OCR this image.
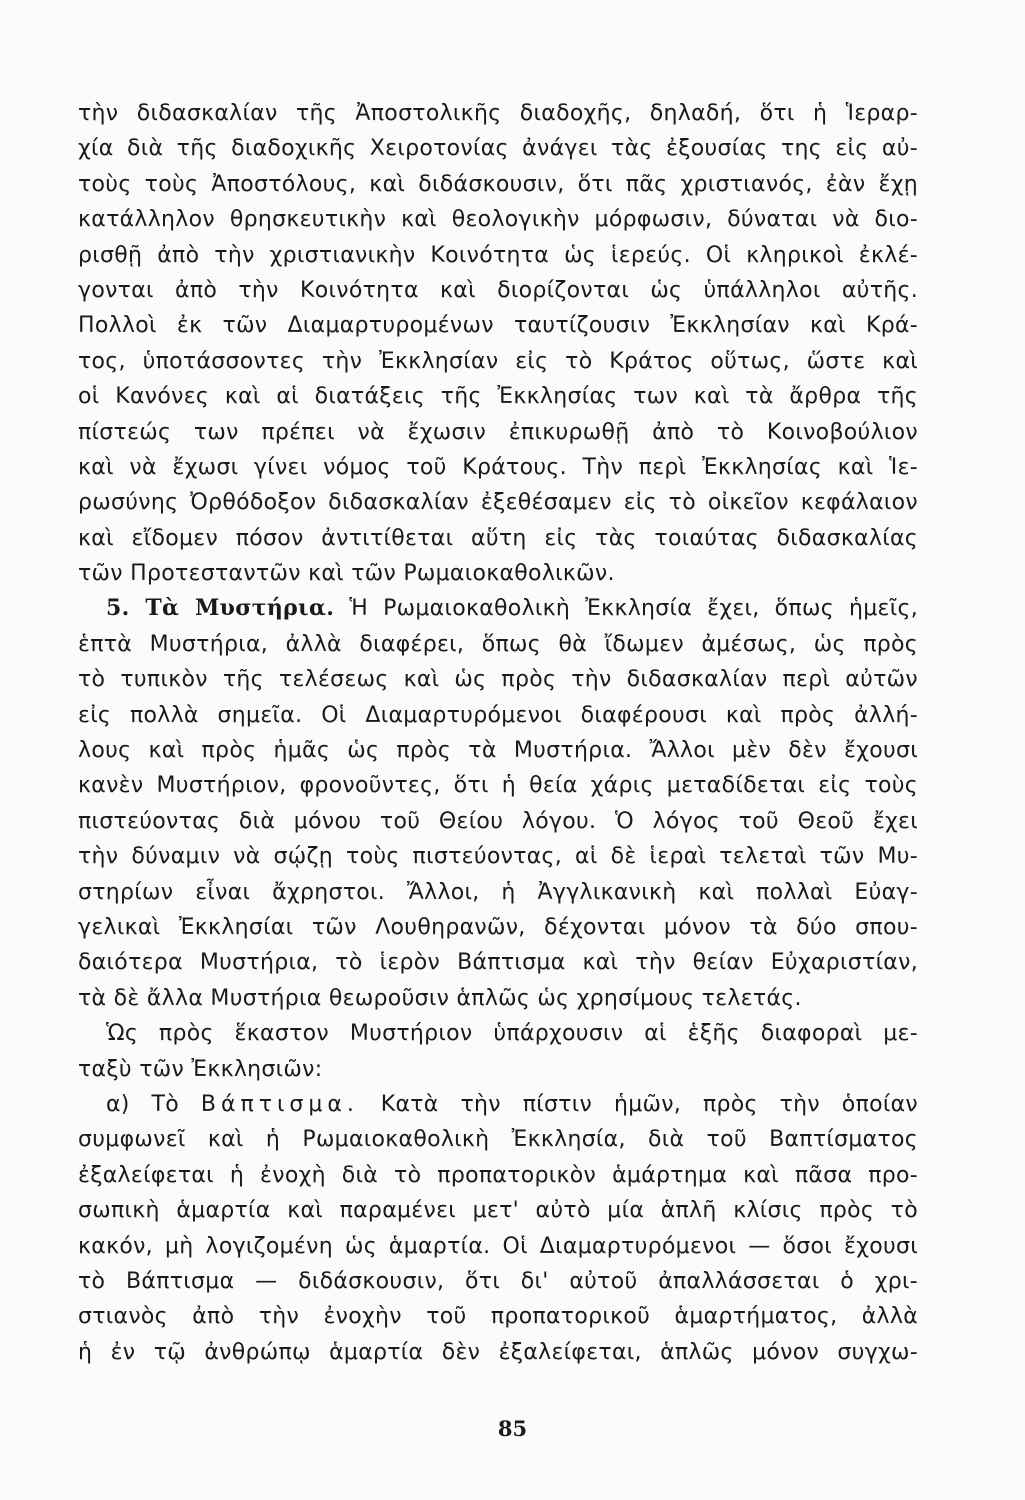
τὴν διδασκαλίαν τῆς Ἀποστολικῆς διαδοχῆς, δηλαδή, ὅτι ἡ Ἱεραρ-
χία διὰ τῆς διαδοχικῆς Χειροτονίας ἀνάγει τὰς ἐξουσίας της εἰς αὐ-
τοὺς τοὺς Ἀποστόλους, καὶ διδάσκουσιν, ὅτι πᾶς χριστιανός, ἐὰν ἔχῃ
κατάλληλον θρησκευτικὴν καὶ θεολογικὴν μόρφωσιν, δύναται νὰ διο-
ρισθῇ ἀπὸ τὴν χριστιανικὴν Κοινότητα ὡς ἱερεύς. Οἱ κληρικοὶ ἐκλέ-
γονται ἀπὸ τὴν Κοινότητα καὶ διορίζονται ὡς ὑπάλληλοι αὐτῆς.
Πολλοὶ ἐκ τῶν Διαμαρτυρομένων ταυτίζουσιν Ἐκκλησίαν καὶ Κρά-
τος, ὑποτάσσοντες τὴν Ἐκκλησίαν εἰς τὸ Κράτος οὕτως, ὥστε καὶ
οἱ Κανόνες καὶ αἱ διατάξεις τῆς Ἐκκλησίας των καὶ τὰ ἄρθρα τῆς
πίστεώς των πρέπει νὰ ἔχωσιν ἐπικυρωθῇ ἀπὸ τὸ Κοινοβούλιον
καὶ νὰ ἔχωσι γίνει νόμος τοῦ Κράτους. Τὴν περὶ Ἐκκλησίας καὶ Ἱε-
ρωσύνης Ὀρθόδοξον διδασκαλίαν ἐξεθέσαμεν εἰς τὸ οἰκεῖον κεφάλαιον
καὶ εἴδομεν πόσον ἀντιτίθεται αὕτη εἰς τὰς τοιαύτας διδασκαλίας
τῶν Προτεσταντῶν καὶ τῶν Ρωμαιοκαθολικῶν.
5. Τὰ Μυστήρια. Ἡ Ρωμαιοκαθολικὴ Ἐκκλησία ἔχει, ὅπως ἡμεῖς,
ἑπτὰ Μυστήρια, ἀλλὰ διαφέρει, ὅπως θὰ ἴδωμεν ἀμέσως, ὡς πρὸς
τὸ τυπικὸν τῆς τελέσεως καὶ ὡς πρὸς τὴν διδασκαλίαν περὶ αὐτῶν
εἰς πολλὰ σημεῖα. Οἱ Διαμαρτυρόμενοι διαφέρουσι καὶ πρὸς ἀλλή-
λους καὶ πρὸς ἡμᾶς ὡς πρὸς τὰ Μυστήρια. Ἄλλοι μὲν δὲν ἔχουσι
κανὲν Μυστήριον, φρονοῦντες, ὅτι ἡ θεία χάρις μεταδίδεται εἰς τοὺς
πιστεύοντας διὰ μόνου τοῦ Θείου λόγου. Ὁ λόγος τοῦ Θεοῦ ἔχει
τὴν δύναμιν νὰ σῴζῃ τοὺς πιστεύοντας, αἱ δὲ ἱεραὶ τελεταὶ τῶν Μυ-
στηρίων εἶναι ἄχρηστοι. Ἄλλοι, ἡ Ἀγγλικανικὴ καὶ πολλαὶ Εὐαγ-
γελικαὶ Ἐκκλησίαι τῶν Λουθηρανῶν, δέχονται μόνον τὰ δύο σπου-
δαιότερα Μυστήρια, τὸ ἱερὸν Βάπτισμα καὶ τὴν θείαν Εὐχαριστίαν,
τὰ δὲ ἄλλα Μυστήρια θεωροῦσιν ἁπλῶς ὡς χρησίμους τελετάς.
Ὡς πρὸς ἕκαστον Μυστήριον ὑπάρχουσιν αἱ ἑξῆς διαφοραὶ με-
ταξὺ τῶν Ἐκκλησιῶν:
α) Τὸ Βάπτισμα. Κατὰ τὴν πίστιν ἡμῶν, πρὸς τὴν ὁποίαν
συμφωνεῖ καὶ ἡ Ρωμαιοκαθολικὴ Ἐκκλησία, διὰ τοῦ Βαπτίσματος
ἐξαλείφεται ἡ ἐνοχὴ διὰ τὸ προπατορικὸν ἁμάρτημα καὶ πᾶσα προ-
σωπικὴ ἁμαρτία καὶ παραμένει μετ' αὐτὸ μία ἁπλῆ κλίσις πρὸς τὸ
κακόν, μὴ λογιζομένη ὡς ἁμαρτία. Οἱ Διαμαρτυρόμενοι — ὅσοι ἔχουσι
τὸ Βάπτισμα — διδάσκουσιν, ὅτι δι' αὐτοῦ ἀπαλλάσσεται ὁ χρι-
στιανὸς ἀπὸ τὴν ἐνοχὴν τοῦ προπατορικοῦ ἁμαρτήματος, ἀλλὰ
ἡ ἐν τῷ ἀνθρώπῳ ἁμαρτία δὲν ἐξαλείφεται, ἁπλῶς μόνον συγχω-
85
